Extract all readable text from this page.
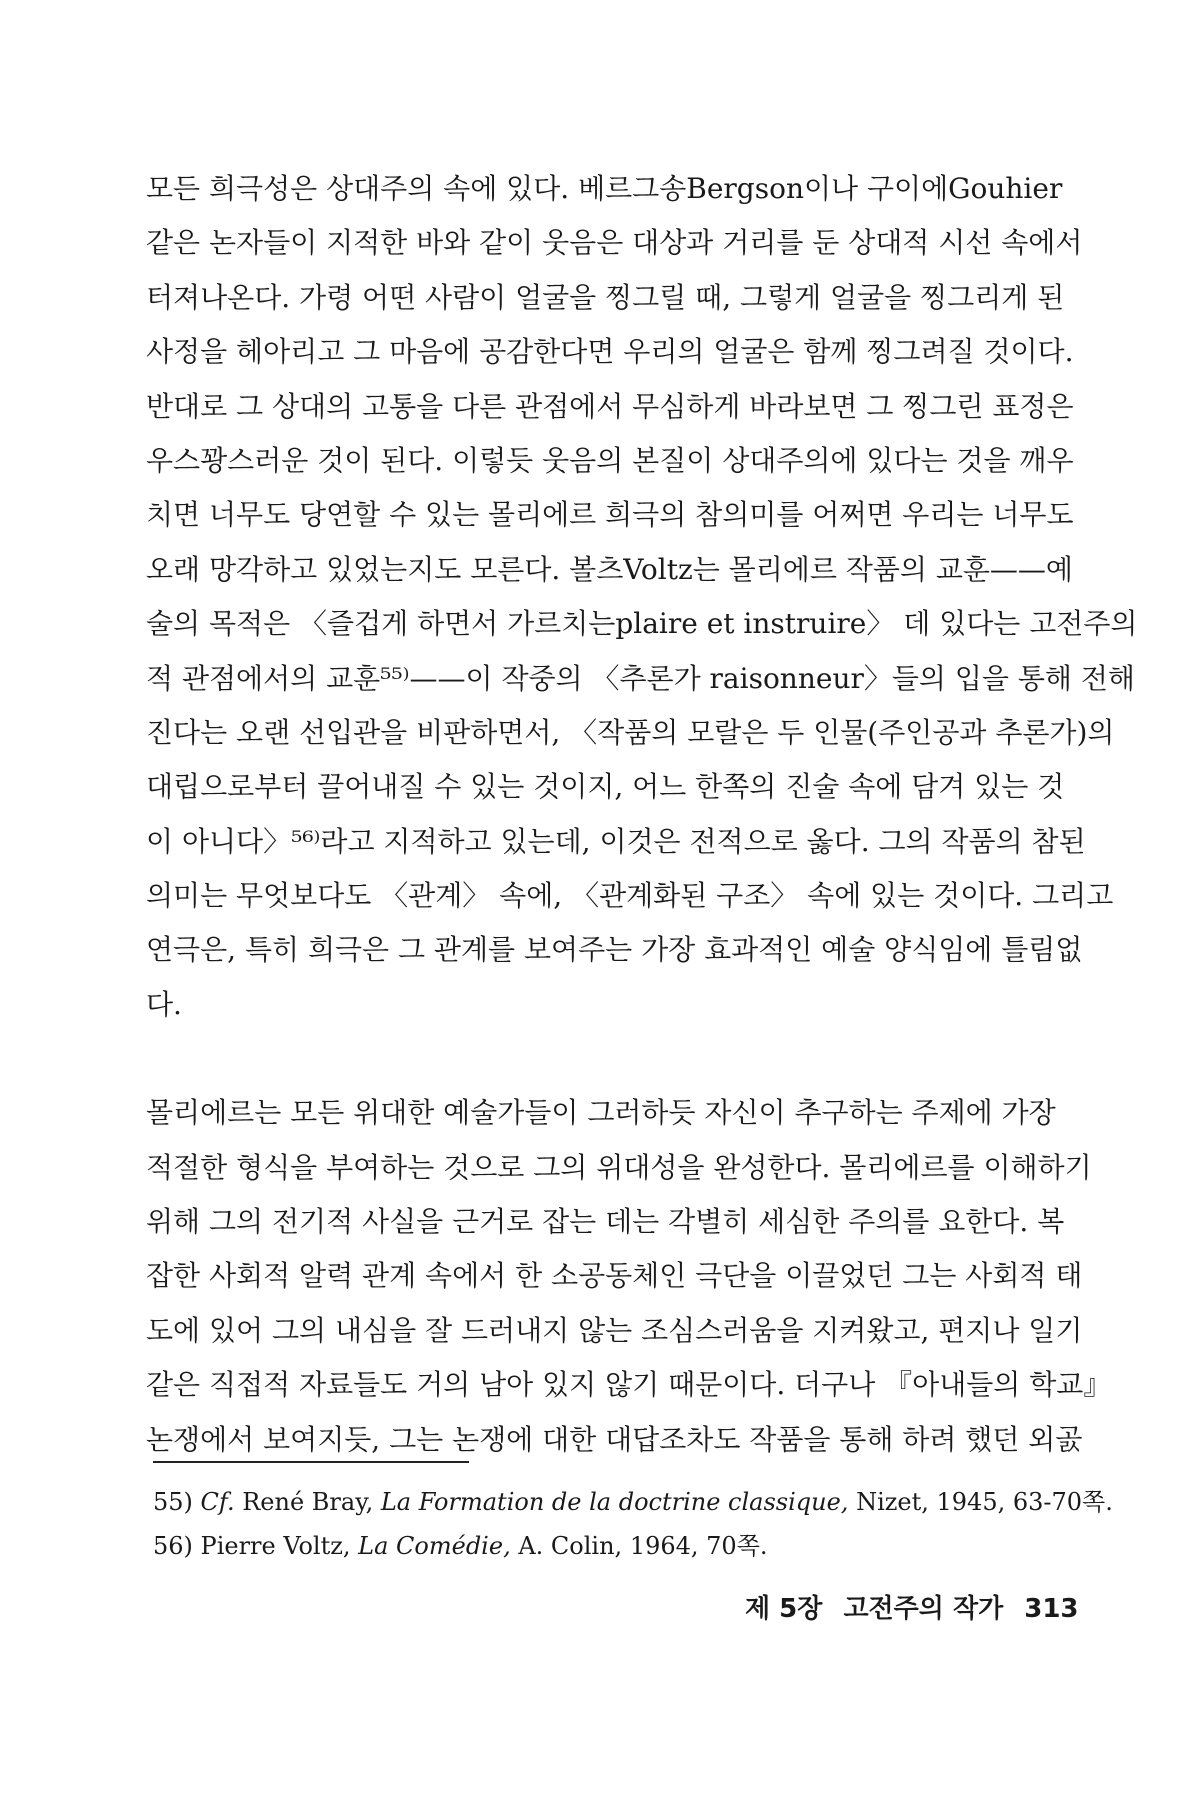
모든 희극성은 상대주의 속에 있다. 베르그송Bergson이나 구이에Gouhier
같은 논자들이 지적한 바와 같이 웃음은 대상과 거리를 둔 상대적 시선 속에서
터져나온다. 가령 어떤 사람이 얼굴을 찡그릴 때, 그렇게 얼굴을 찡그리게 된
사정을 헤아리고 그 마음에 공감한다면 우리의 얼굴은 함께 찡그려질 것이다.
반대로 그 상대의 고통을 다른 관점에서 무심하게 바라보면 그 찡그린 표정은
우스꽝스러운 것이 된다. 이렇듯 웃음의 본질이 상대주의에 있다는 것을 깨우
치면 너무도 당연할 수 있는 몰리에르 희극의 참의미를 어쩌면 우리는 너무도
오래 망각하고 있었는지도 모른다. 볼츠Voltz는 몰리에르 작품의 교훈——예
술의 목적은 〈즐겁게 하면서 가르치는plaire et instruire〉 데 있다는 고전주의
적 관점에서의 교훈⁵⁵⁾——이 작중의 〈추론가 raisonneur〉들의 입을 통해 전해
진다는 오랜 선입관을 비판하면서, 〈작품의 모랄은 두 인물(주인공과 추론가)의
대립으로부터 끌어내질 수 있는 것이지, 어느 한쪽의 진술 속에 담겨 있는 것
이 아니다〉⁵⁶⁾라고 지적하고 있는데, 이것은 전적으로 옳다. 그의 작품의 참된
의미는 무엇보다도 〈관계〉 속에, 〈관계화된 구조〉 속에 있는 것이다. 그리고
연극은, 특히 희극은 그 관계를 보여주는 가장 효과적인 예술 양식임에 틀림없
다.
몰리에르는 모든 위대한 예술가들이 그러하듯 자신이 추구하는 주제에 가장
적절한 형식을 부여하는 것으로 그의 위대성을 완성한다. 몰리에르를 이해하기
위해 그의 전기적 사실을 근거로 잡는 데는 각별히 세심한 주의를 요한다. 복
잡한 사회적 알력 관계 속에서 한 소공동체인 극단을 이끌었던 그는 사회적 태
도에 있어 그의 내심을 잘 드러내지 않는 조심스러움을 지켜왔고, 편지나 일기
같은 직접적 자료들도 거의 남아 있지 않기 때문이다. 더구나 『아내들의 학교』
논쟁에서 보여지듯, 그는 논쟁에 대한 대답조차도 작품을 통해 하려 했던 외곬
55) Cf. René Bray, La Formation de la doctrine classique, Nizet, 1945, 63-70쪽.
56) Pierre Voltz, La Comédie, A. Colin, 1964, 70쪽.
제 5장 고전주의 작가 313
